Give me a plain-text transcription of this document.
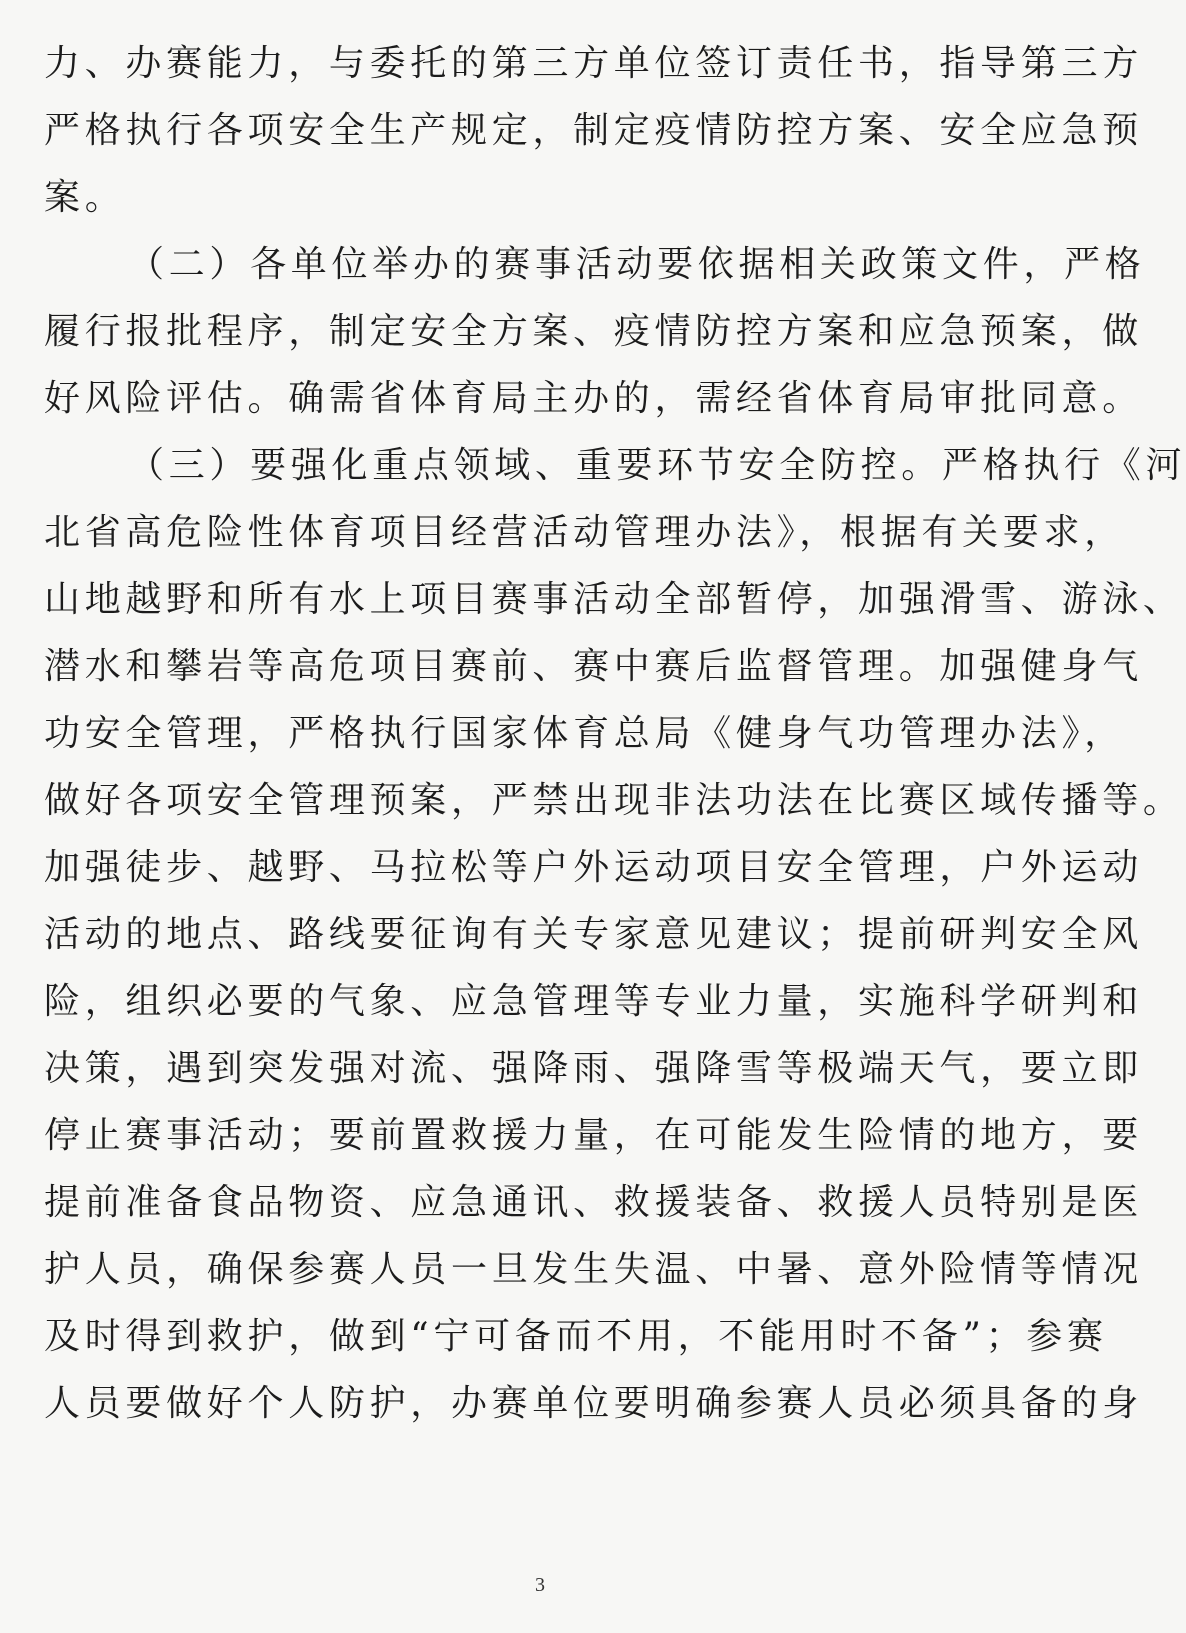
力、办赛能力，与委托的第三方单位签订责任书，指导第三方
严格执行各项安全生产规定，制定疫情防控方案、安全应急预
案。
（二）各单位举办的赛事活动要依据相关政策文件，严格
履行报批程序，制定安全方案、疫情防控方案和应急预案，做
好风险评估。确需省体育局主办的，需经省体育局审批同意。
（三）要强化重点领域、重要环节安全防控。严格执行《河
北省高危险性体育项目经营活动管理办法》，根据有关要求，
山地越野和所有水上项目赛事活动全部暂停，加强滑雪、游泳、
潜水和攀岩等高危项目赛前、赛中赛后监督管理。加强健身气
功安全管理，严格执行国家体育总局《健身气功管理办法》，
做好各项安全管理预案，严禁出现非法功法在比赛区域传播等。
加强徒步、越野、马拉松等户外运动项目安全管理，户外运动
活动的地点、路线要征询有关专家意见建议；提前研判安全风
险，组织必要的气象、应急管理等专业力量，实施科学研判和
决策，遇到突发强对流、强降雨、强降雪等极端天气，要立即
停止赛事活动；要前置救援力量，在可能发生险情的地方，要
提前准备食品物资、应急通讯、救援装备、救援人员特别是医
护人员，确保参赛人员一旦发生失温、中暑、意外险情等情况
及时得到救护，做到“宁可备而不用，不能用时不备”；参赛
人员要做好个人防护，办赛单位要明确参赛人员必须具备的身
3
